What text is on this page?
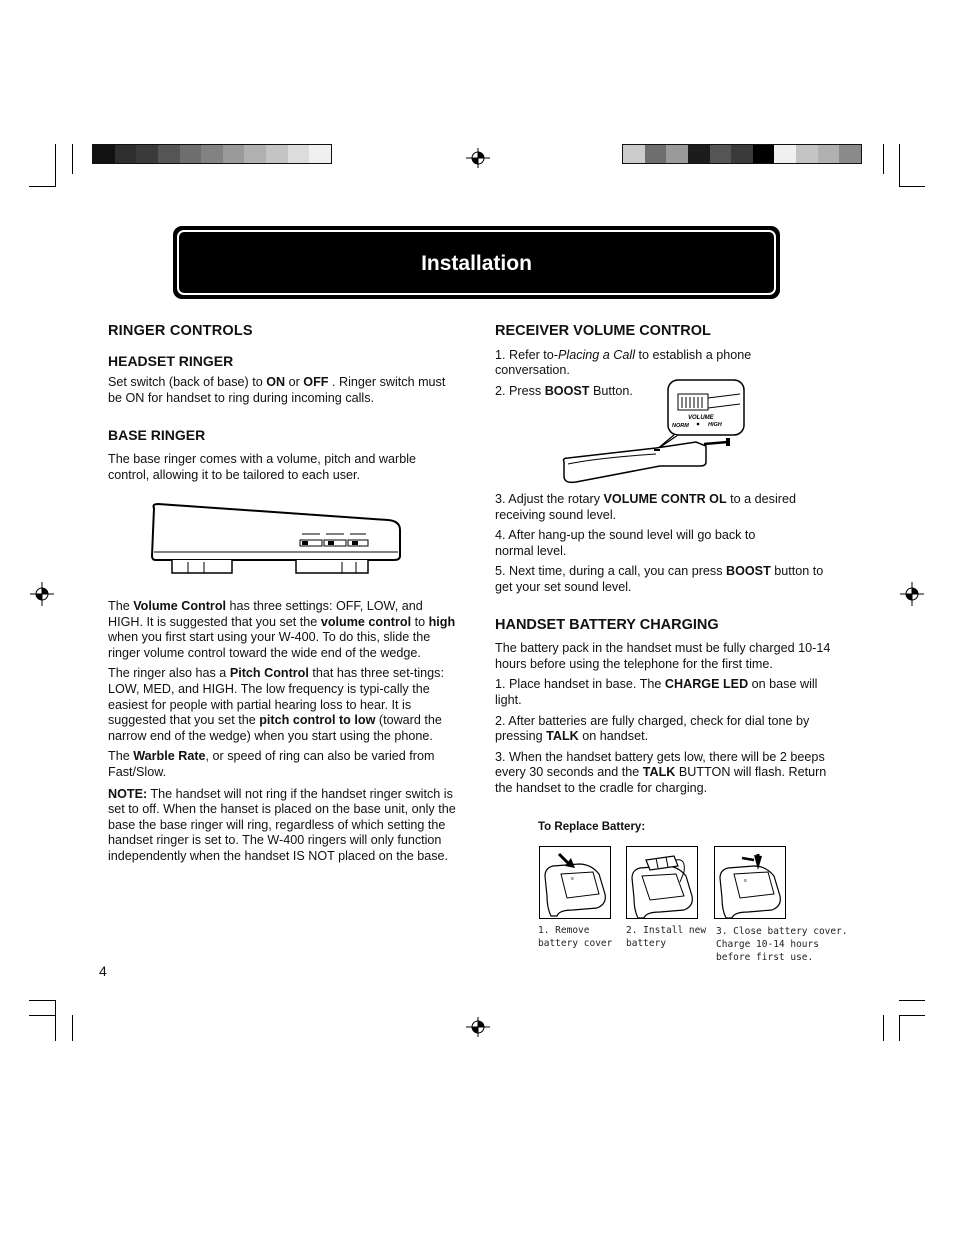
Installation
RINGER CONTROLS
HEADSET RINGER

Set switch (back of base) to ON or OFF . Ringer switch must be ON for handset to ring during incoming calls.

BASE RINGER

The base ringer comes with a volume, pitch and warble control, allowing it to be tailored to each user.

The Volume Control has three settings: OFF, LOW, and HIGH. It is suggested that you set the volume control to high when you first start using your W-400. To do this, slide the ringer volume control toward the wide end of the wedge.

The ringer also has a Pitch Control that has three set-tings: LOW, MED, and HIGH. The low frequency is typi-cally the easiest for people with partial hearing loss to hear. It is suggested that you set the pitch control to low (toward the narrow end of the wedge) when you start using the phone.

The Warble Rate, or speed of ring can also be varied from Fast/Slow.

NOTE: The handset will not ring if the handset ringer switch is set to off. When the hanset is placed on the base unit, only the base the base ringer will ring, regardless of which setting the handset ringer is set to. The W-400 ringers will only function independently when the handset IS NOT placed on the base.

RECEIVER VOLUME CONTROL

1. Refer to-Placing a Call to establish a phone conversation.

2. Press BOOST Button.

VOLUME
NORM	HIGH

3. Adjust the rotary VOLUME CONTR OL to a desired receiving sound level.

4. After hang-up the sound level will go back to normal level.

5. Next time, during a call, you can press BOOST button to get your set sound level.

HANDSET BATTERY CHARGING

The battery pack in the handset must be fully charged 10-14 hours before using the telephone for the first time.

1. Place handset in base. The CHARGE LED on base will light.

2. After batteries are fully charged, check for dial tone by pressing TALK on handset.

3. When the handset battery gets low, there will be 2 beeps every 30 seconds and the TALK BUTTON will flash. Return the handset to the cradle for charging.

To Replace Battery:
≡	≡
1. Remove
battery cover
2. Install new
battery
3. Close battery cover.
Charge 10-14 hours
before first use.
4
